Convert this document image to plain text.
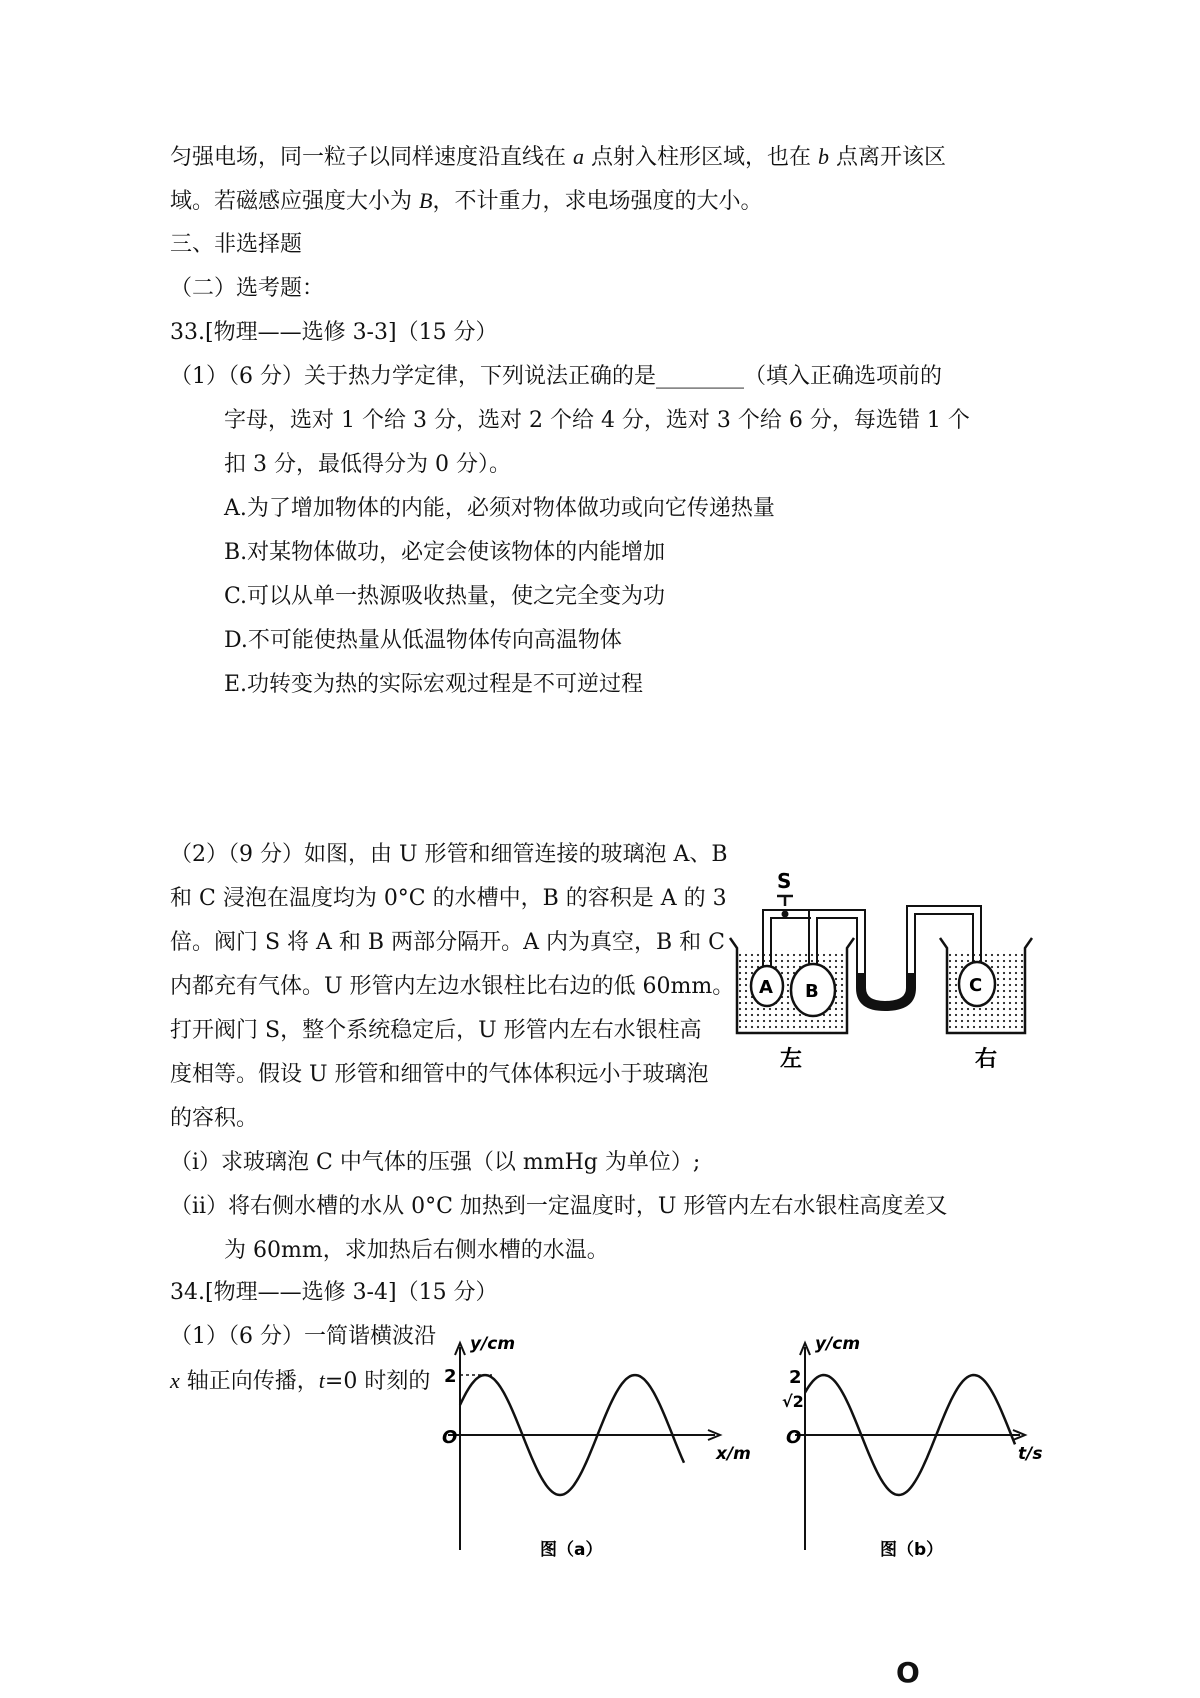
匀强电场，同一粒子以同样速度沿直线在 a 点射入柱形区域，也在 b 点离开该区
域。若磁感应强度大小为 B，不计重力，求电场强度的大小。
三、非选择题
（二）选考题：
33.[物理——选修 3-3]（15 分）
（1）（6 分）关于热力学定律，下列说法正确的是________（填入正确选项前的
字母，选对 1 个给 3 分，选对 2 个给 4 分，选对 3 个给 6 分，每选错 1 个
扣 3 分，最低得分为 0 分）。
A.为了增加物体的内能，必须对物体做功或向它传递热量
B.对某物体做功，必定会使该物体的内能增加
C.可以从单一热源吸收热量，使之完全变为功
D.不可能使热量从低温物体传向高温物体
E.功转变为热的实际宏观过程是不可逆过程
（2）（9 分）如图，由 U 形管和细管连接的玻璃泡 A、B
和 C 浸泡在温度均为 0°C 的水槽中，B 的容积是 A 的 3
倍。阀门 S 将 A 和 B 两部分隔开。A 内为真空，B 和 C
内都充有气体。U 形管内左边水银柱比右边的低 60mm。
打开阀门 S，整个系统稳定后，U 形管内左右水银柱高
度相等。假设 U 形管和细管中的气体体积远小于玻璃泡
的容积。
（i）求玻璃泡 C 中气体的压强（以 mmHg 为单位）;
（ii）将右侧水槽的水从 0°C 加热到一定温度时，U 形管内左右水银柱高度差又
为 60mm，求加热后右侧水槽的水温。
S
A B	C
左	右
34.[物理——选修 3-4]（15 分）
（1）（6 分）一简谐横波沿
x 轴正向传播，t=0 时刻的
y/cm
x/m
O
2
图（a）
y/cm
t/s
O
2
√2
图（b）
O
